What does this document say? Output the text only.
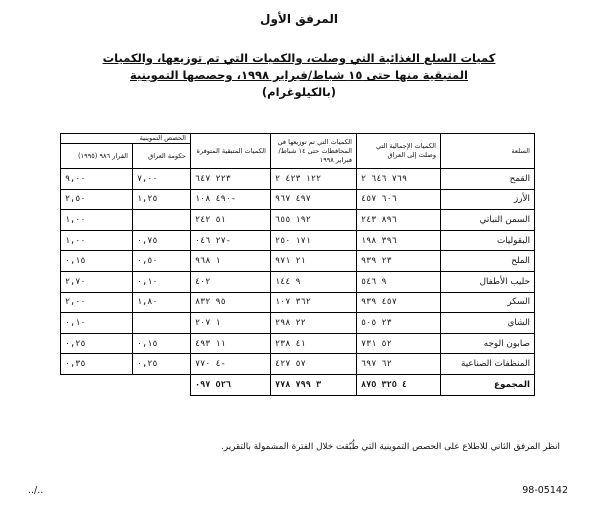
المرفق الأول
كميات السلع الغذائية التي وصلت، والكميات التي تم توزيعها، والكميات
المتبقية منها حتى ١٥ شباط/فبراير ١٩٩٨، وحصصها التموينية
(بالكيلوغرام)
السلعة	الكميات الإجمالية التي وصلت إلى العراق	الكميات التي تم توزيعها في المحافظات حتى ١٤ شباط/فبراير ١٩٩٨	الكميات المتبقية المتوفرة	الحصص التموينية	
				حكومة العراق	القرار ٩٨٦ (١٩٩٥)
القمح	٧٦٩ ٦٤٦ ٢	١٢٢ ٤٢٣ ٢	٢٢٣ ٦٤٧	٧,٠٠	٩,٠٠
الأرز	٦٠٦ ٤٥٧	٤٩٧ ٩٦٧	٤٩٠ ١٠٨-	١,٢٥	٢,٥٠
السمن النباتي	٨٩٦ ٢٤٣	١٩٢ ٦٥٥	٥١ ٢٤٢		١,٠٠
البقوليات	٣٩٦ ١٩٨	١٧١ ٢٥٠	٢٧ ٠٤٦-	٠,٧٥	١,٠٠
الملح	٢٣ ٩٣٩	٢١ ٩٧١	١ ٩٦٨	٠,٥٠	٠,١٥
حليب الأطفال	٩ ٥٤٦	٩ ١٤٤	٤٠٢	٠,١٠	٢,٧٠
السكر	٤٥٧ ٩٣٩	٣٦٢ ١٠٧	٩٥ ٨٣٢	١,٨٠	٢,٠٠
الشاي	٢٣ ٥٠٥	٢٢ ٢٩٨	١ ٢٠٧		٠,١٠
صابون الوجه	٥٢ ٧٣١	٤١ ٢٣٨	١١ ٤٩٣	٠,١٥	٠,٢٥
المنظفات الصناعية	٦٢ ٦٩٧	٥٧ ٤٢٧	٤ ٧٧٠-	٠,٢٥	٠,٣٥
المجموع	٤ ٣٢٥ ٨٧٥	٣ ٧٩٩ ٧٧٨	٥٢٦ ٠٩٧		
انظر المرفق الثاني للاطلاع على الحصص التموينية التي طُبّقت خلال الفترة المشمولة بالتقرير.
98-05142
../..
